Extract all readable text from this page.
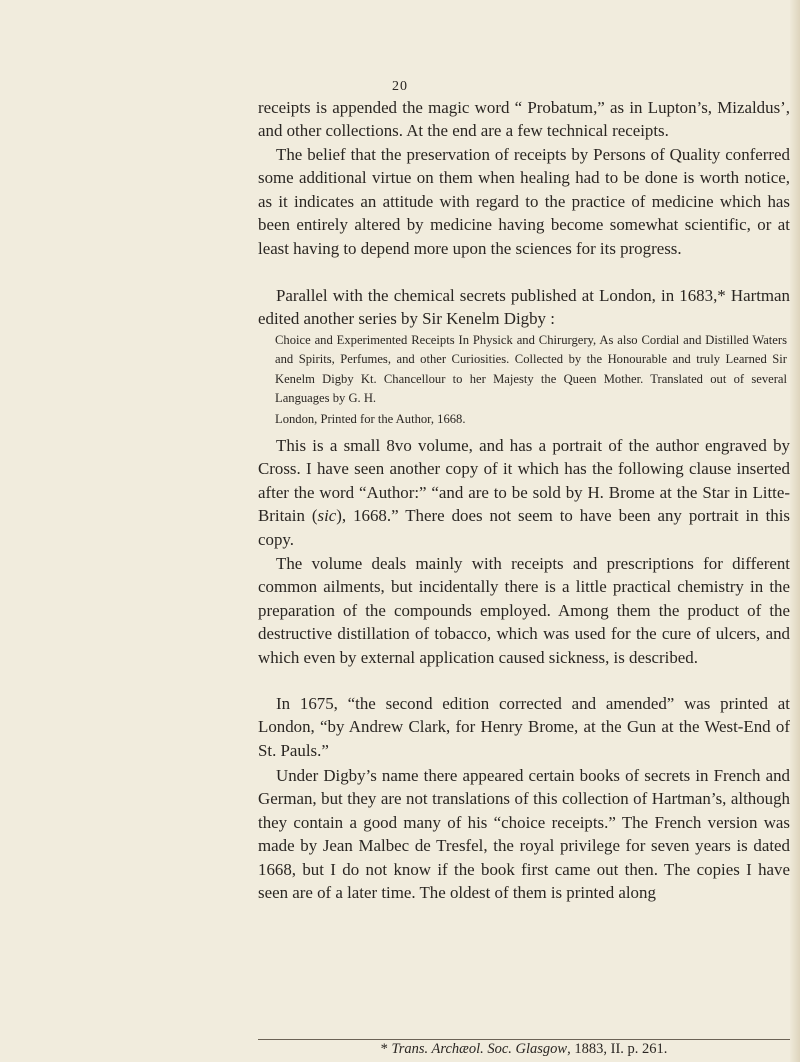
20
receipts is appended the magic word “ Probatum,” as in Lupton’s, Mizaldus’, and other collections. At the end are a few technical receipts.
The belief that the preservation of receipts by Persons of Quality conferred some additional virtue on them when healing had to be done is worth notice, as it indicates an attitude with regard to the practice of medicine which has been entirely altered by medicine having become somewhat scientific, or at least having to depend more upon the sciences for its progress.
Parallel with the chemical secrets published at London, in 1683,* Hartman edited another series by Sir Kenelm Digby :
Choice and Experimented Receipts In Physick and Chirurgery, As also Cordial and Distilled Waters and Spirits, Perfumes, and other Curiosities. Collected by the Honourable and truly Learned Sir Kenelm Digby Kt. Chancellour to her Majesty the Queen Mother. Translated out of several Languages by G. H.
London, Printed for the Author, 1668.
This is a small 8vo volume, and has a portrait of the author engraved by Cross. I have seen another copy of it which has the following clause inserted after the word “Author:” “and are to be sold by H. Brome at the Star in Litte-Britain (sic), 1668.” There does not seem to have been any portrait in this copy.
The volume deals mainly with receipts and prescriptions for different common ailments, but incidentally there is a little practical chemistry in the preparation of the compounds employed. Among them the product of the destructive distillation of tobacco, which was used for the cure of ulcers, and which even by external application caused sickness, is described.
In 1675, “the second edition corrected and amended” was printed at London, “by Andrew Clark, for Henry Brome, at the Gun at the West-End of St. Pauls.”
Under Digby’s name there appeared certain books of secrets in French and German, but they are not translations of this collection of Hartman’s, although they contain a good many of his “choice receipts.” The French version was made by Jean Malbec de Tresfel, the royal privilege for seven years is dated 1668, but I do not know if the book first came out then. The copies I have seen are of a later time. The oldest of them is printed along
* Trans. Archæol. Soc. Glasgow, 1883, II. p. 261.
